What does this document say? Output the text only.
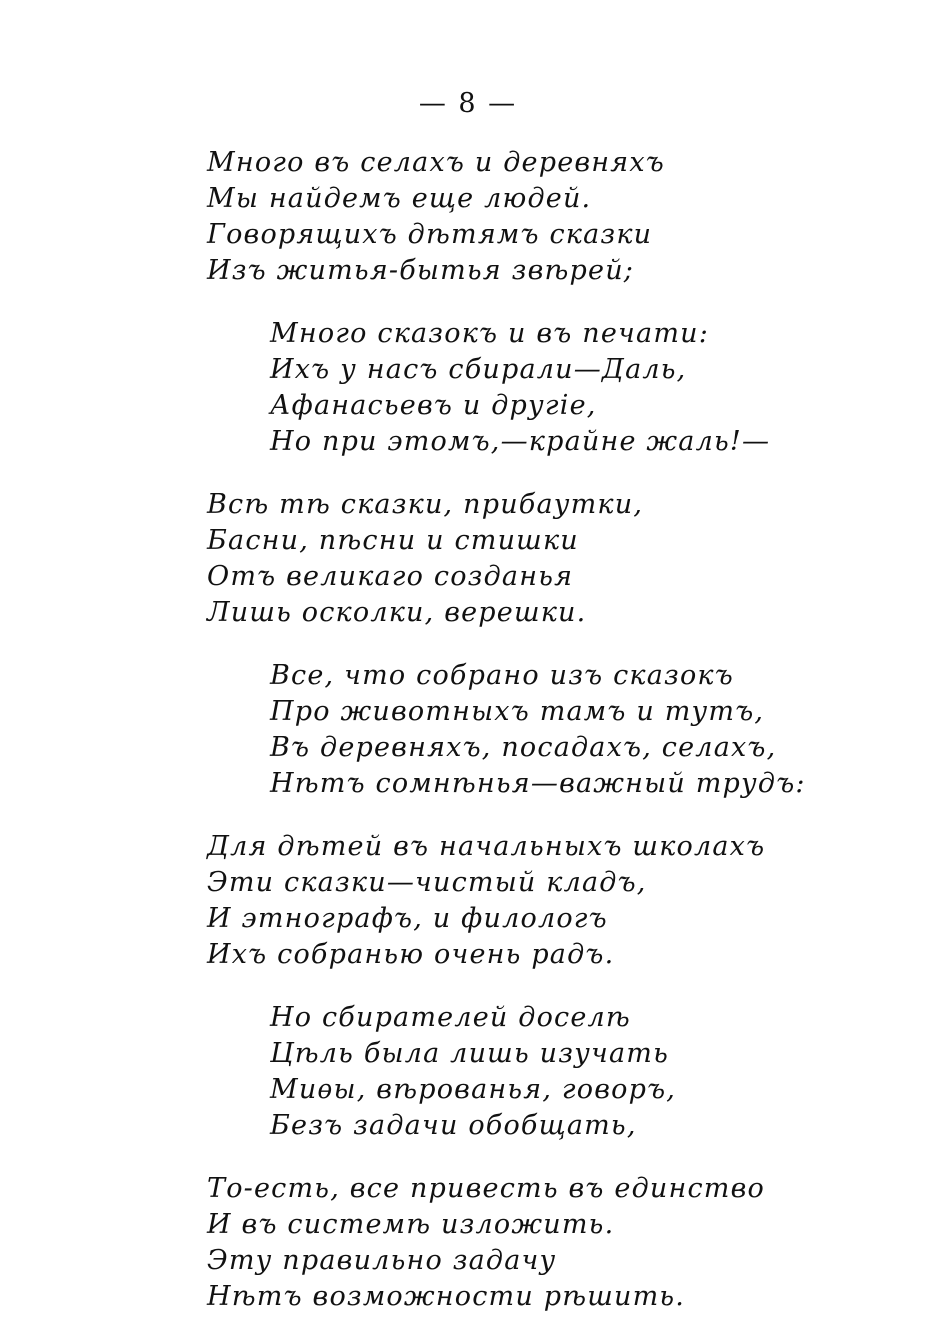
— 8 —
Много въ селахъ и деревняхъ
Мы найдемъ еще людей.
Говорящихъ дѣтямъ сказки
Изъ житья-бытья звѣрей;
Много сказокъ и въ печати:
Ихъ у насъ сбирали—Даль,
Афанасьевъ и другіе,
Но при этомъ,—крайне жаль!—
Всѣ тѣ сказки, прибаутки,
Басни, пѣсни и стишки
Отъ великаго созданья
Лишь осколки, верешки.
Все, что собрано изъ сказокъ
Про животныхъ тамъ и тутъ,
Въ деревняхъ, посадахъ, селахъ,
Нѣтъ сомнѣнья—важный трудъ:
Для дѣтей въ начальныхъ школахъ
Эти сказки—чистый кладъ,
И этнографъ, и филологъ
Ихъ собранью очень радъ.
Но сбирателей доселѣ
Цѣль была лишь изучать
Миѳы, вѣрованья, говоръ,
Безъ задачи обобщать,
То-есть, все привесть въ единство
И въ системѣ изложить.
Эту правильно задачу
Нѣтъ возможности рѣшить.
